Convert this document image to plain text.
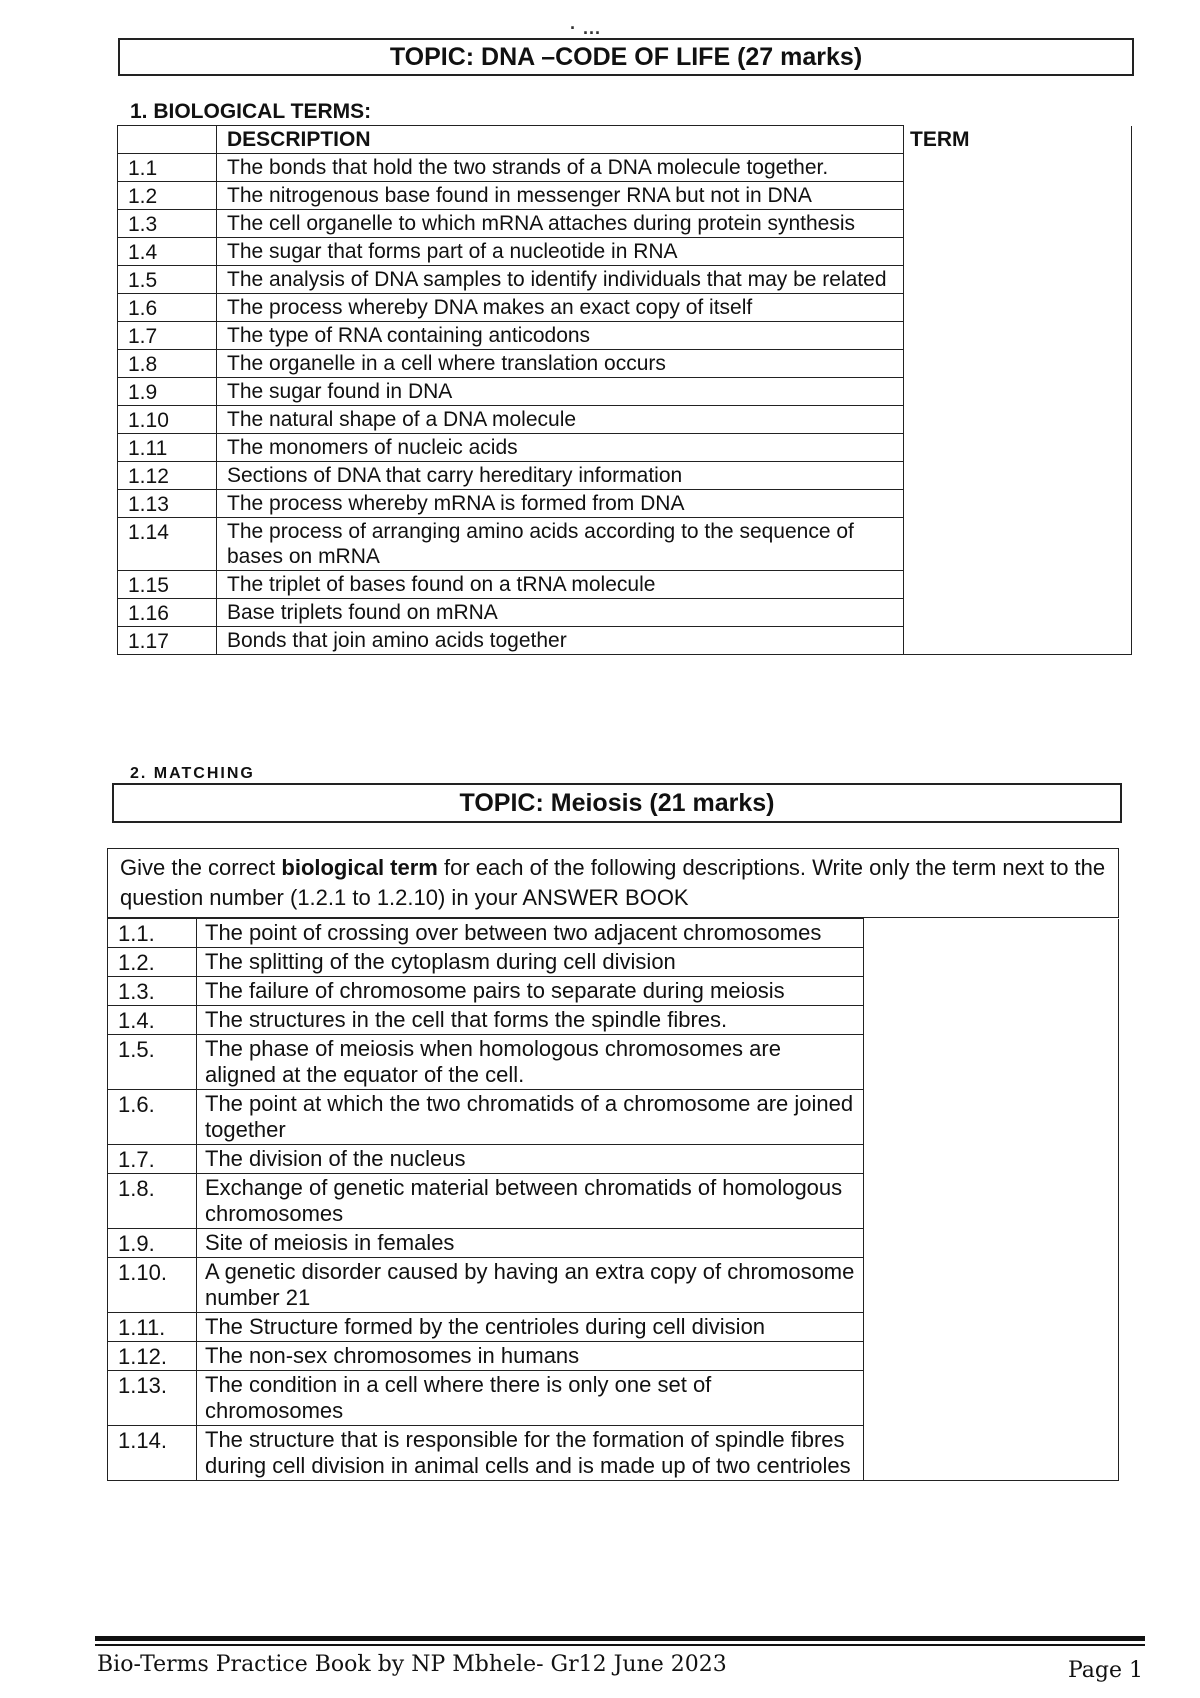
· ...
TOPIC: DNA –CODE OF LIFE (27 marks)
1. BIOLOGICAL TERMS:
	DESCRIPTION	TERM
1.1	The bonds that hold the two strands of a DNA molecule together.	
1.2	The nitrogenous base found in messenger RNA but not in DNA	
1.3	The cell organelle to which mRNA attaches during protein synthesis	
1.4	The sugar that forms part of a nucleotide in RNA	
1.5	The analysis of DNA samples to identify individuals that may be related	
1.6	The process whereby DNA makes an exact copy of itself	
1.7	The type of RNA containing anticodons	
1.8	The organelle in a cell where translation occurs	
1.9	The sugar found in DNA	
1.10	The natural shape of a DNA molecule	
1.11	The monomers of nucleic acids	
1.12	Sections of DNA that carry hereditary information	
1.13	The process whereby mRNA is formed from DNA	
1.14	The process of arranging amino acids according to the sequence of bases on mRNA	
1.15	The triplet of bases found on a tRNA molecule	
1.16	Base triplets found on mRNA	
1.17	Bonds that join amino acids together	
2. MATCHING
TOPIC: Meiosis (21 marks)
Give the correct biological term for each of the following descriptions. Write only the term next to the question number (1.2.1 to 1.2.10) in your ANSWER BOOK
1.1.	The point of crossing over between two adjacent chromosomes	
1.2.	The splitting of the cytoplasm during cell division	
1.3.	The failure of chromosome pairs to separate during meiosis	
1.4.	The structures in the cell that forms the spindle fibres.	
1.5.	The phase of meiosis when homologous chromosomes are aligned at the equator of the cell.	
1.6.	The point at which the two chromatids of a chromosome are joined together	
1.7.	The division of the nucleus	
1.8.	Exchange of genetic material between chromatids of homologous chromosomes	
1.9.	Site of meiosis in females	
1.10.	A genetic disorder caused by having an extra copy of chromosome number 21	
1.11.	The Structure formed by the centrioles during cell division	
1.12.	The non-sex chromosomes in humans	
1.13.	The condition in a cell where there is only one set of chromosomes	
1.14.	The structure that is responsible for the formation of spindle fibres during cell division in animal cells and is made up of two centrioles	
Bio-Terms Practice Book by NP Mbhele- Gr12 June 2023	Page 1
